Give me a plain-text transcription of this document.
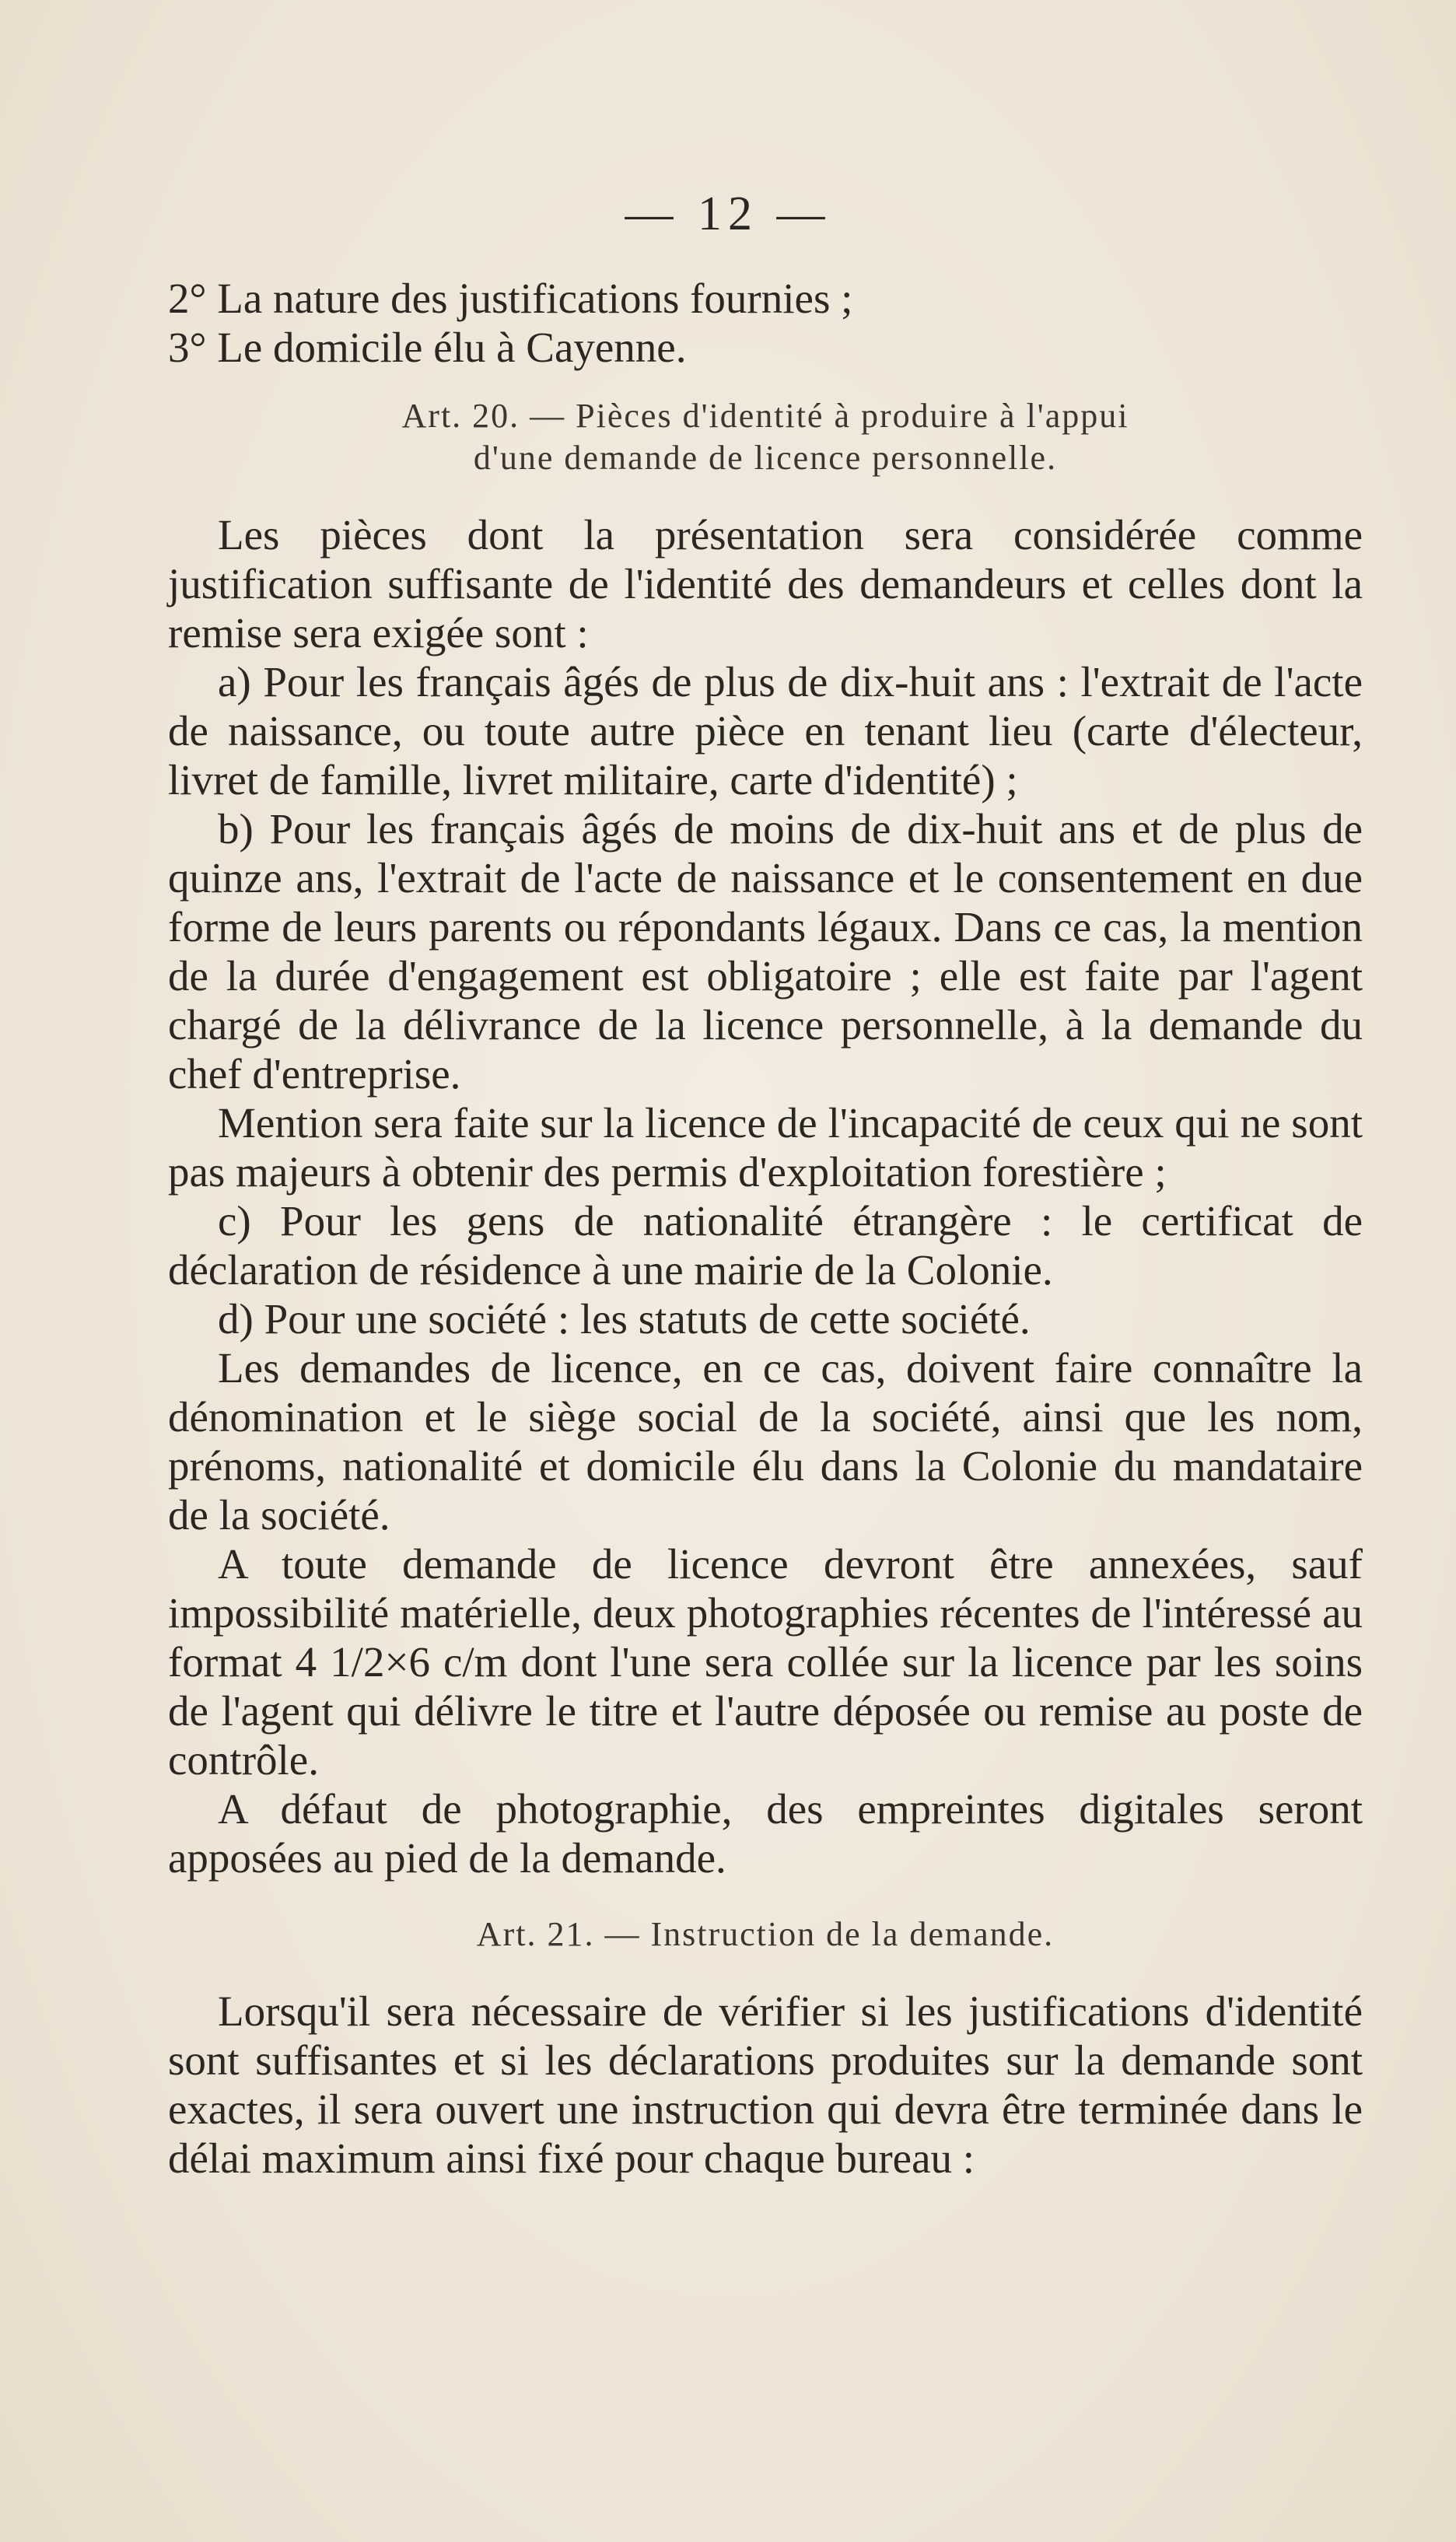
— 12 —

2° La nature des justifications fournies ;

3° Le domicile élu à Cayenne.

Art. 20. — Pièces d'identité à produire à l'appui

d'une demande de licence personnelle.

Les pièces dont la présentation sera considérée comme justification suffisante de l'identité des demandeurs et celles dont la remise sera exigée sont :

a) Pour les français âgés de plus de dix-huit ans : l'extrait de l'acte de naissance, ou toute autre pièce en tenant lieu (carte d'électeur, livret de famille, livret militaire, carte d'identité) ;

b) Pour les français âgés de moins de dix-huit ans et de plus de quinze ans, l'extrait de l'acte de naissance et le consentement en due forme de leurs parents ou répondants légaux. Dans ce cas, la mention de la durée d'engagement est obligatoire ; elle est faite par l'agent chargé de la délivrance de la licence personnelle, à la demande du chef d'entreprise.

Mention sera faite sur la licence de l'incapacité de ceux qui ne sont pas majeurs à obtenir des permis d'exploitation forestière ;

c) Pour les gens de nationalité étrangère : le certificat de déclaration de résidence à une mairie de la Colonie.

d) Pour une société : les statuts de cette société.

Les demandes de licence, en ce cas, doivent faire connaître la dénomination et le siège social de la société, ainsi que les nom, prénoms, nationalité et domicile élu dans la Colonie du mandataire de la société.

A toute demande de licence devront être annexées, sauf impossibilité matérielle, deux photographies récentes de l'intéressé au format 4 1/2×6 c/m dont l'une sera collée sur la licence par les soins de l'agent qui délivre le titre et l'autre déposée ou remise au poste de contrôle.

A défaut de photographie, des empreintes digitales seront apposées au pied de la demande.

Art. 21. — Instruction de la demande.

Lorsqu'il sera nécessaire de vérifier si les justifications d'identité sont suffisantes et si les déclarations produites sur la demande sont exactes, il sera ouvert une instruction qui devra être terminée dans le délai maximum ainsi fixé pour chaque bureau :
